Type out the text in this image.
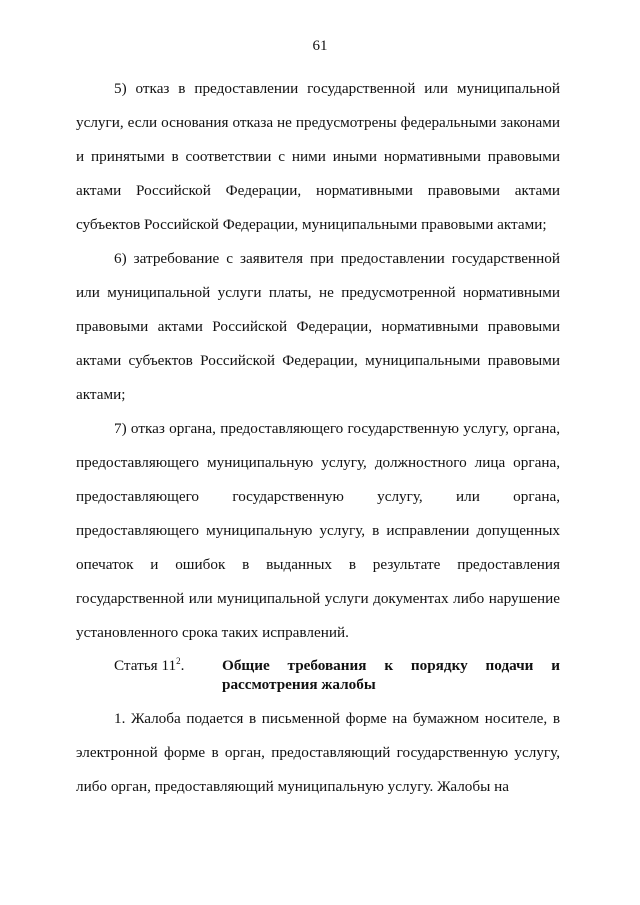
61

5) отказ в предоставлении государственной или муниципальной услуги, если основания отказа не предусмотрены федеральными законами и принятыми в соответствии с ними иными нормативными правовыми актами Российской Федерации, нормативными правовыми актами субъектов Российской Федерации, муниципальными правовыми актами;

6) затребование с заявителя при предоставлении государственной или муниципальной услуги платы, не предусмотренной нормативными правовыми актами Российской Федерации, нормативными правовыми актами субъектов Российской Федерации, муниципальными правовыми актами;

7) отказ органа, предоставляющего государственную услугу, органа, предоставляющего муниципальную услугу, должностного лица органа, предоставляющего государственную услугу, или органа, предоставляющего муниципальную услугу, в исправлении допущенных опечаток и ошибок в выданных в результате предоставления государственной или муниципальной услуги документах либо нарушение установленного срока таких исправлений.

Статья $11^2$.	Общие требования к порядку подачи и
рассмотрения жалобы

1. Жалоба подается в письменной форме на бумажном носителе, в электронной форме в орган, предоставляющий государственную услугу, либо орган, предоставляющий муниципальную услугу. Жалобы на
